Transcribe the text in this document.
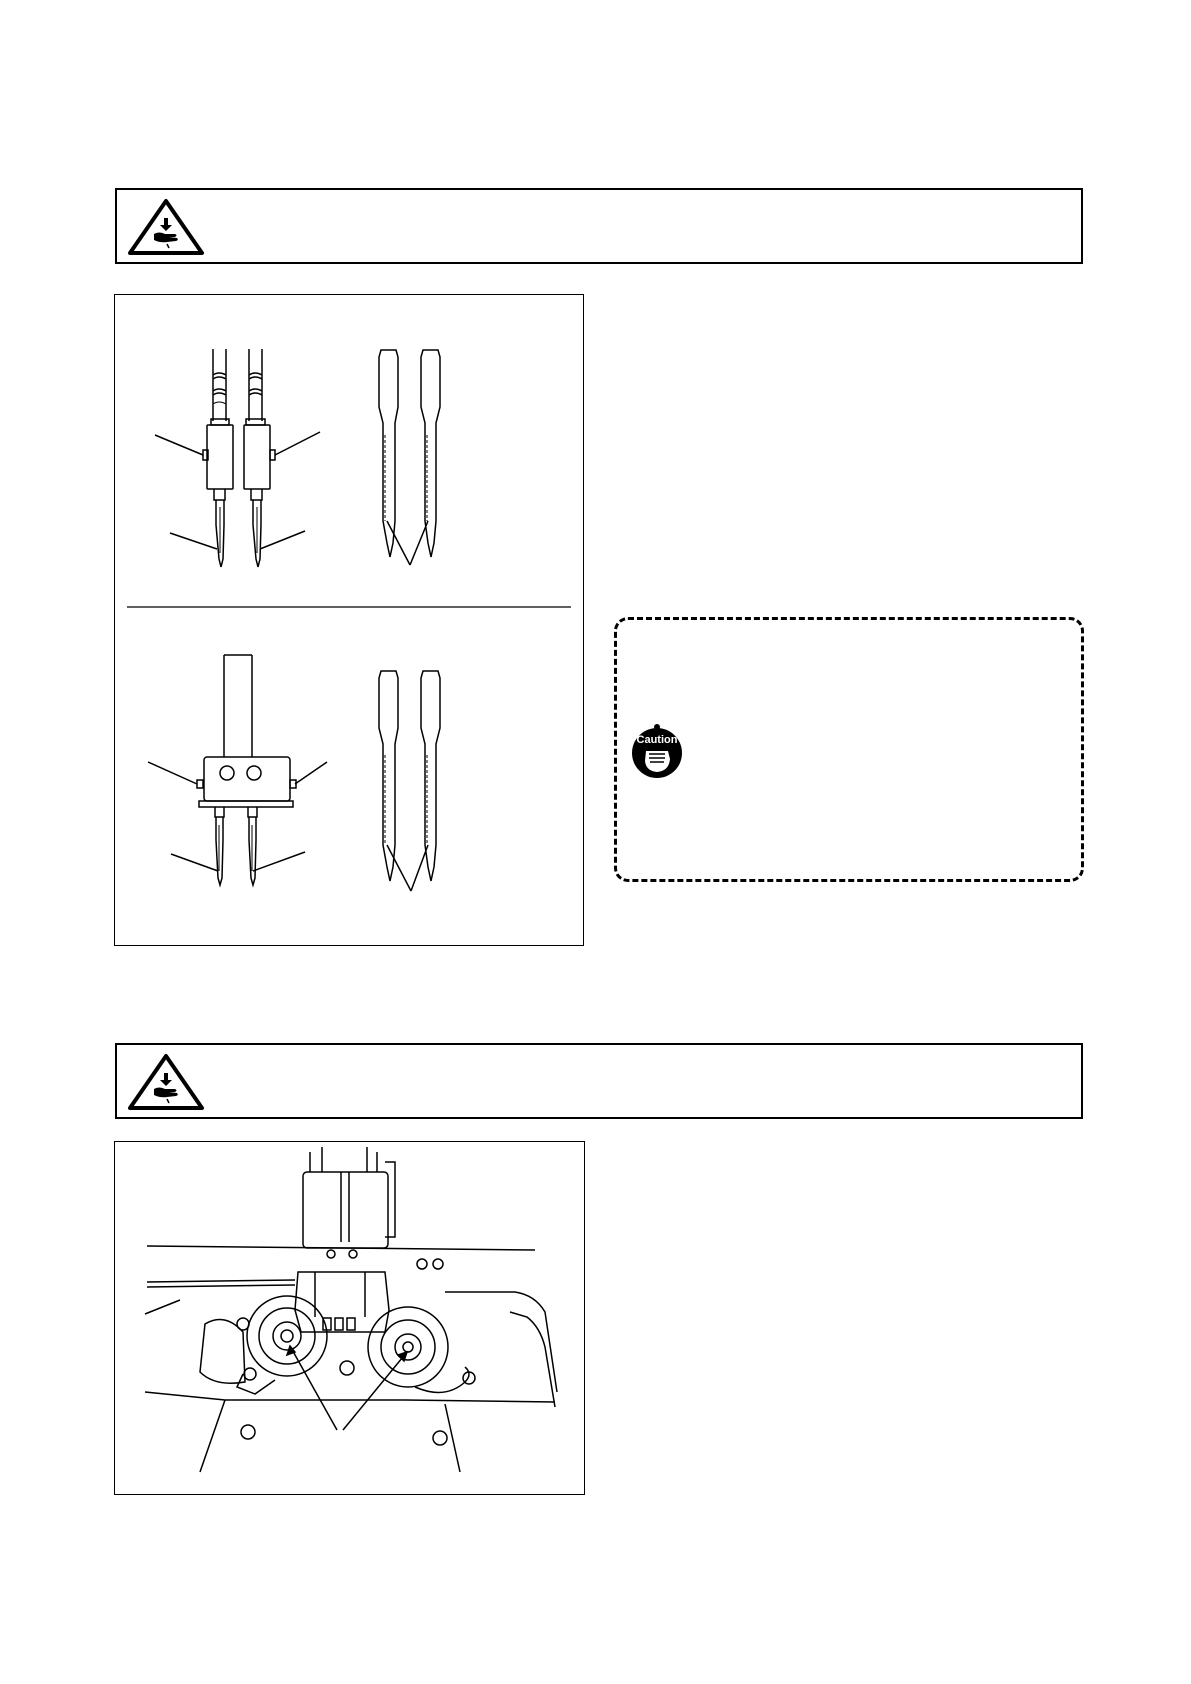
Caution
